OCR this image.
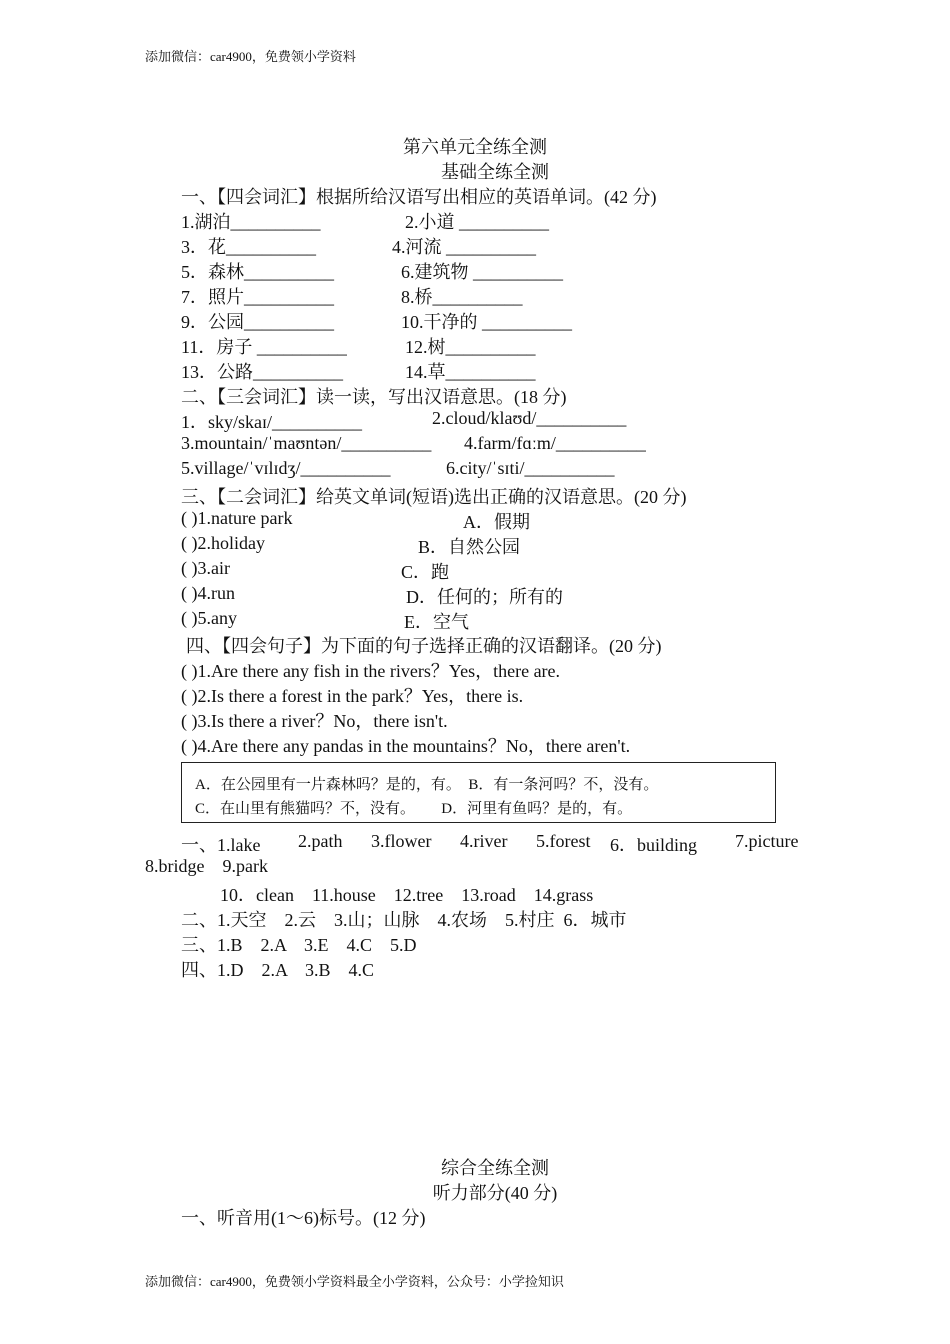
添加微信：car4900，免费领小学资料
第六单元全练全测
基础全练全测
一、【四会词汇】根据所给汉语写出相应的英语单词。(42 分)
1.湖泊__________	2.小道 __________
3．花__________	4.河流 __________
5．森林__________	6.建筑物 __________
7．照片__________	8.桥__________
9．公园__________	10.干净的 __________
11．房子 __________	12.树__________
13．公路__________	14.草__________
二、【三会词汇】读一读，写出汉语意思。(18 分)
1．sky/skaɪ/__________	2.cloud/klaʊd/__________
3.mountain/ˈmaʊntən/__________ 4.farm/fɑːm/__________
5.village/ˈvɪlɪdʒ/__________	6.city/ˈsɪti/__________
三、【二会词汇】给英文单词(短语)选出正确的汉语意思。(20 分)
( )1.nature park	A．假期
( )2.holiday	B．自然公园
( )3.air	C．跑
( )4.run	D．任何的；所有的
( )5.any	E．空气
四、【四会句子】为下面的句子选择正确的汉语翻译。(20 分)
( )1.Are there any fish in the rivers？Yes，there are.
( )2.Is there a forest in the park？Yes，there is.
( )3.Is there a river？No，there isn't.
( )4.Are there any pandas in the mountains？No，there aren't.
A．在公园里有一片森林吗？是的，有。  B．有一条河吗？不，没有。
C．在山里有熊猫吗？不，没有。       D．河里有鱼吗？是的，有。
一、1.lake 2.path 3.flower 4.river 5.forest 6．building 7.picture
8.bridge    9.park
10．clean    11.house    12.tree    13.road    14.grass
二、1.天空    2.云    3.山；山脉    4.农场    5.村庄  6．城市
三、1.B    2.A    3.E    4.C    5.D
四、1.D    2.A    3.B    4.C
综合全练全测
听力部分(40 分)
一、听音用(1～6)标号。(12 分)
添加微信：car4900，免费领小学资料最全小学资料，公众号：小学捡知识
